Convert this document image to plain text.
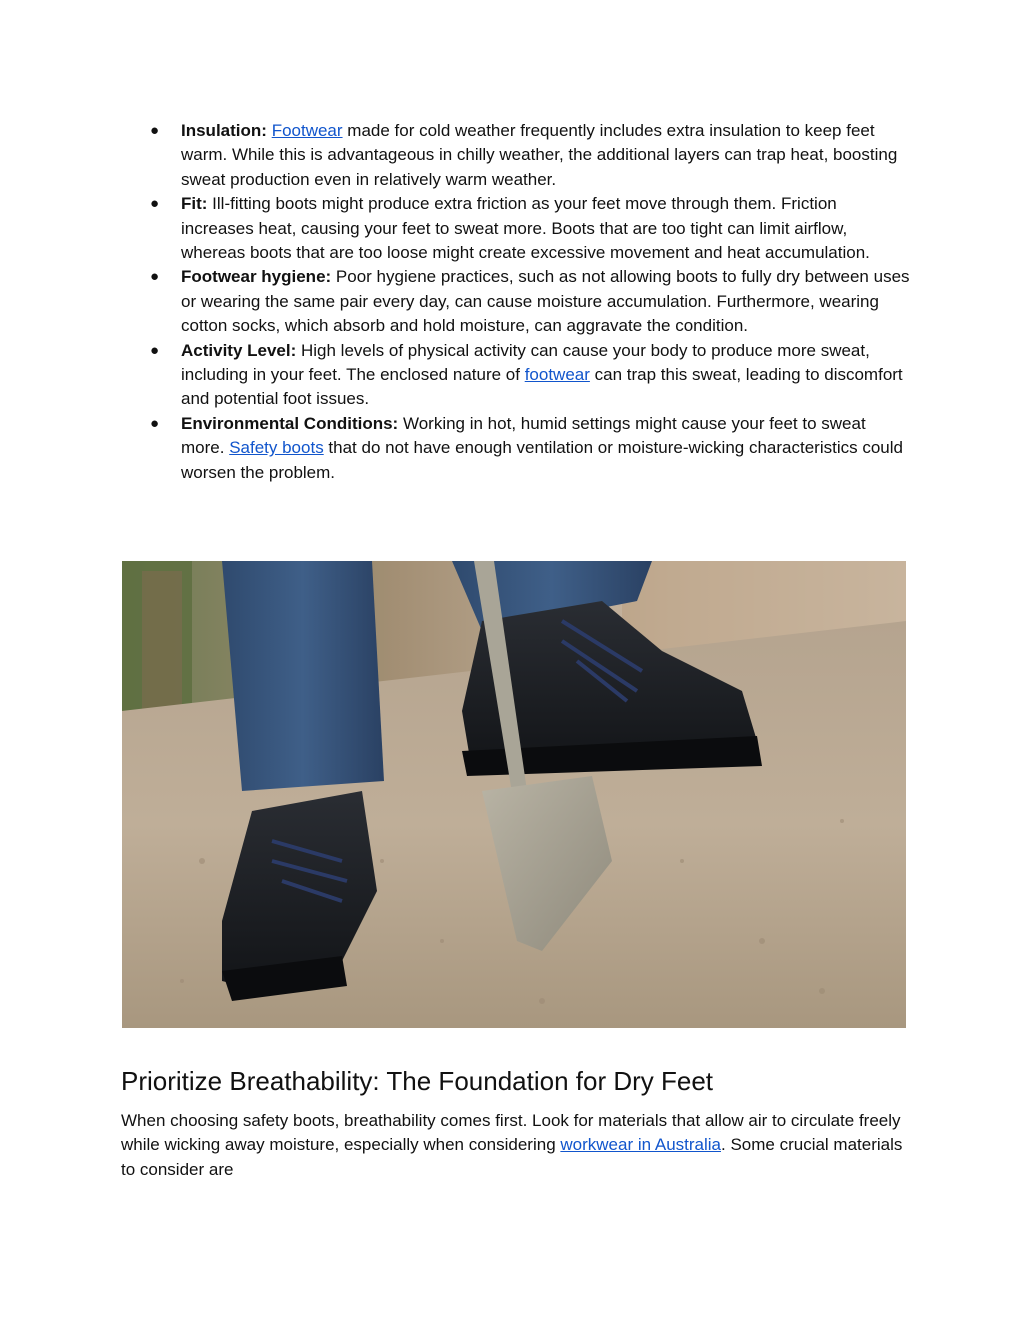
● Insulation: Footwear made for cold weather frequently includes extra insulation to keep feet warm. While this is advantageous in chilly weather, the additional layers can trap heat, boosting sweat production even in relatively warm weather.
● Fit: Ill-fitting boots might produce extra friction as your feet move through them. Friction increases heat, causing your feet to sweat more. Boots that are too tight can limit airflow, whereas boots that are too loose might create excessive movement and heat accumulation.
● Footwear hygiene: Poor hygiene practices, such as not allowing boots to fully dry between uses or wearing the same pair every day, can cause moisture accumulation. Furthermore, wearing cotton socks, which absorb and hold moisture, can aggravate the condition.
● Activity Level: High levels of physical activity can cause your body to produce more sweat, including in your feet. The enclosed nature of footwear can trap this sweat, leading to discomfort and potential foot issues.
● Environmental Conditions: Working in hot, humid settings might cause your feet to sweat more. Safety boots that do not have enough ventilation or moisture-wicking characteristics could worsen the problem.
Prioritize Breathability: The Foundation for Dry Feet

When choosing safety boots, breathability comes first. Look for materials that allow air to circulate freely while wicking away moisture, especially when considering workwear in Australia. Some crucial materials to consider are
